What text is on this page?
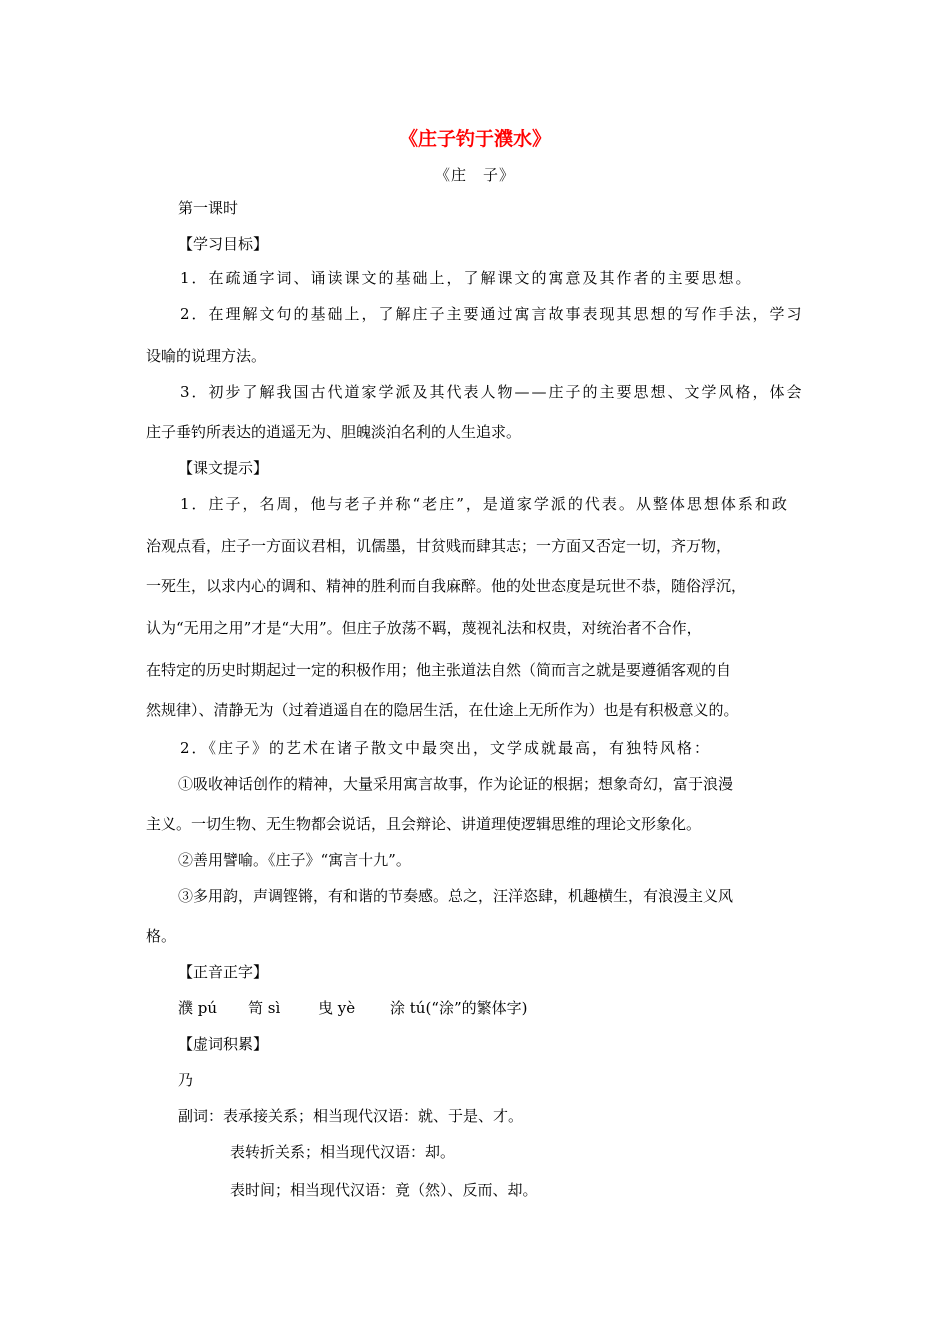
《庄子钓于濮水》
《庄　子》
第一课时
【学习目标】
1．在疏通字词、诵读课文的基础上，了解课文的寓意及其作者的主要思想。
2．在理解文句的基础上，了解庄子主要通过寓言故事表现其思想的写作手法，学习
设喻的说理方法。
3．初步了解我国古代道家学派及其代表人物——庄子的主要思想、文学风格，体会
庄子垂钓所表达的逍遥无为、胆魄淡泊名利的人生追求。
【课文提示】
1．庄子，名周，他与老子并称“老庄”，是道家学派的代表。从整体思想体系和政
治观点看，庄子一方面议君相，讥儒墨，甘贫贱而肆其志；一方面又否定一切，齐万物，
一死生，以求内心的调和、精神的胜利而自我麻醉。他的处世态度是玩世不恭，随俗浮沉，
认为“无用之用”才是“大用”。但庄子放荡不羁，蔑视礼法和权贵，对统治者不合作，
在特定的历史时期起过一定的积极作用；他主张道法自然（简而言之就是要遵循客观的自
然规律）、清静无为（过着逍遥自在的隐居生活，在仕途上无所作为）也是有积极意义的。
2．《庄子》的艺术在诸子散文中最突出，文学成就最高，有独特风格：
①吸收神话创作的精神，大量采用寓言故事，作为论证的根据；想象奇幻，富于浪漫
主义。一切生物、无生物都会说话，且会辩论、讲道理使逻辑思维的理论文形象化。
②善用譬喻。《庄子》“寓言十九”。
③多用韵，声调铿锵，有和谐的节奏感。总之，汪洋恣肆，机趣横生，有浪漫主义风
格。
【正音正字】
濮 pú 笥 sì	曳 yè 涂 tú(“涂”的繁体字)
【虚词积累】
乃
副词：表承接关系；相当现代汉语：就、于是、才。
表转折关系；相当现代汉语：却。
表时间；相当现代汉语：竟（然）、反而、却。
